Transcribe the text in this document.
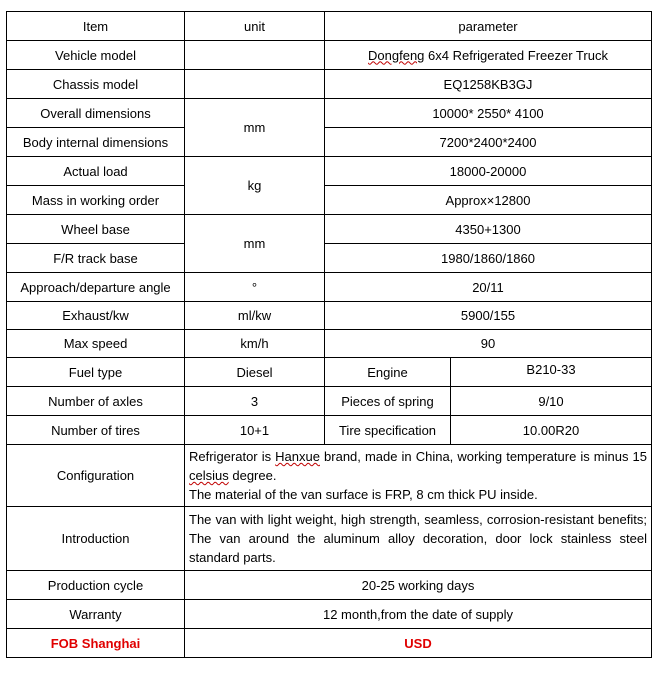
Item	unit	parameter	
Vehicle model		Dongfeng 6x4 Refrigerated Freezer Truck	
Chassis model		EQ1258KB3GJ	
Overall dimensions	mm	10000* 2550* 4100	
Body internal dimensions		7200*2400*2400	
Actual load	kg	18000-20000	
Mass in working order		Approx×12800	
Wheel base	mm	4350+1300	
F/R track base		1980/1860/1860	
Approach/departure angle	°	20/11	
Exhaust/kw	ml/kw	5900/155	
Max speed	km/h	90	
Fuel type	Diesel	Engine	B210-33
Number of axles	3	Pieces of spring	9/10
Number of tires	10+1	Tire specification	10.00R20
Configuration	Refrigerator is Hanxue brand, made in China, working temperature is minus 15 celsius degree.
The material of the van surface is FRP, 8 cm thick PU inside.		
Introduction	The van with light weight, high strength, seamless, corrosion-resistant benefits; The van around the aluminum alloy decoration, door lock stainless steel standard parts.		
Production cycle	20-25 working days		
Warranty	12 month,from the date of supply		
FOB Shanghai	USD		
